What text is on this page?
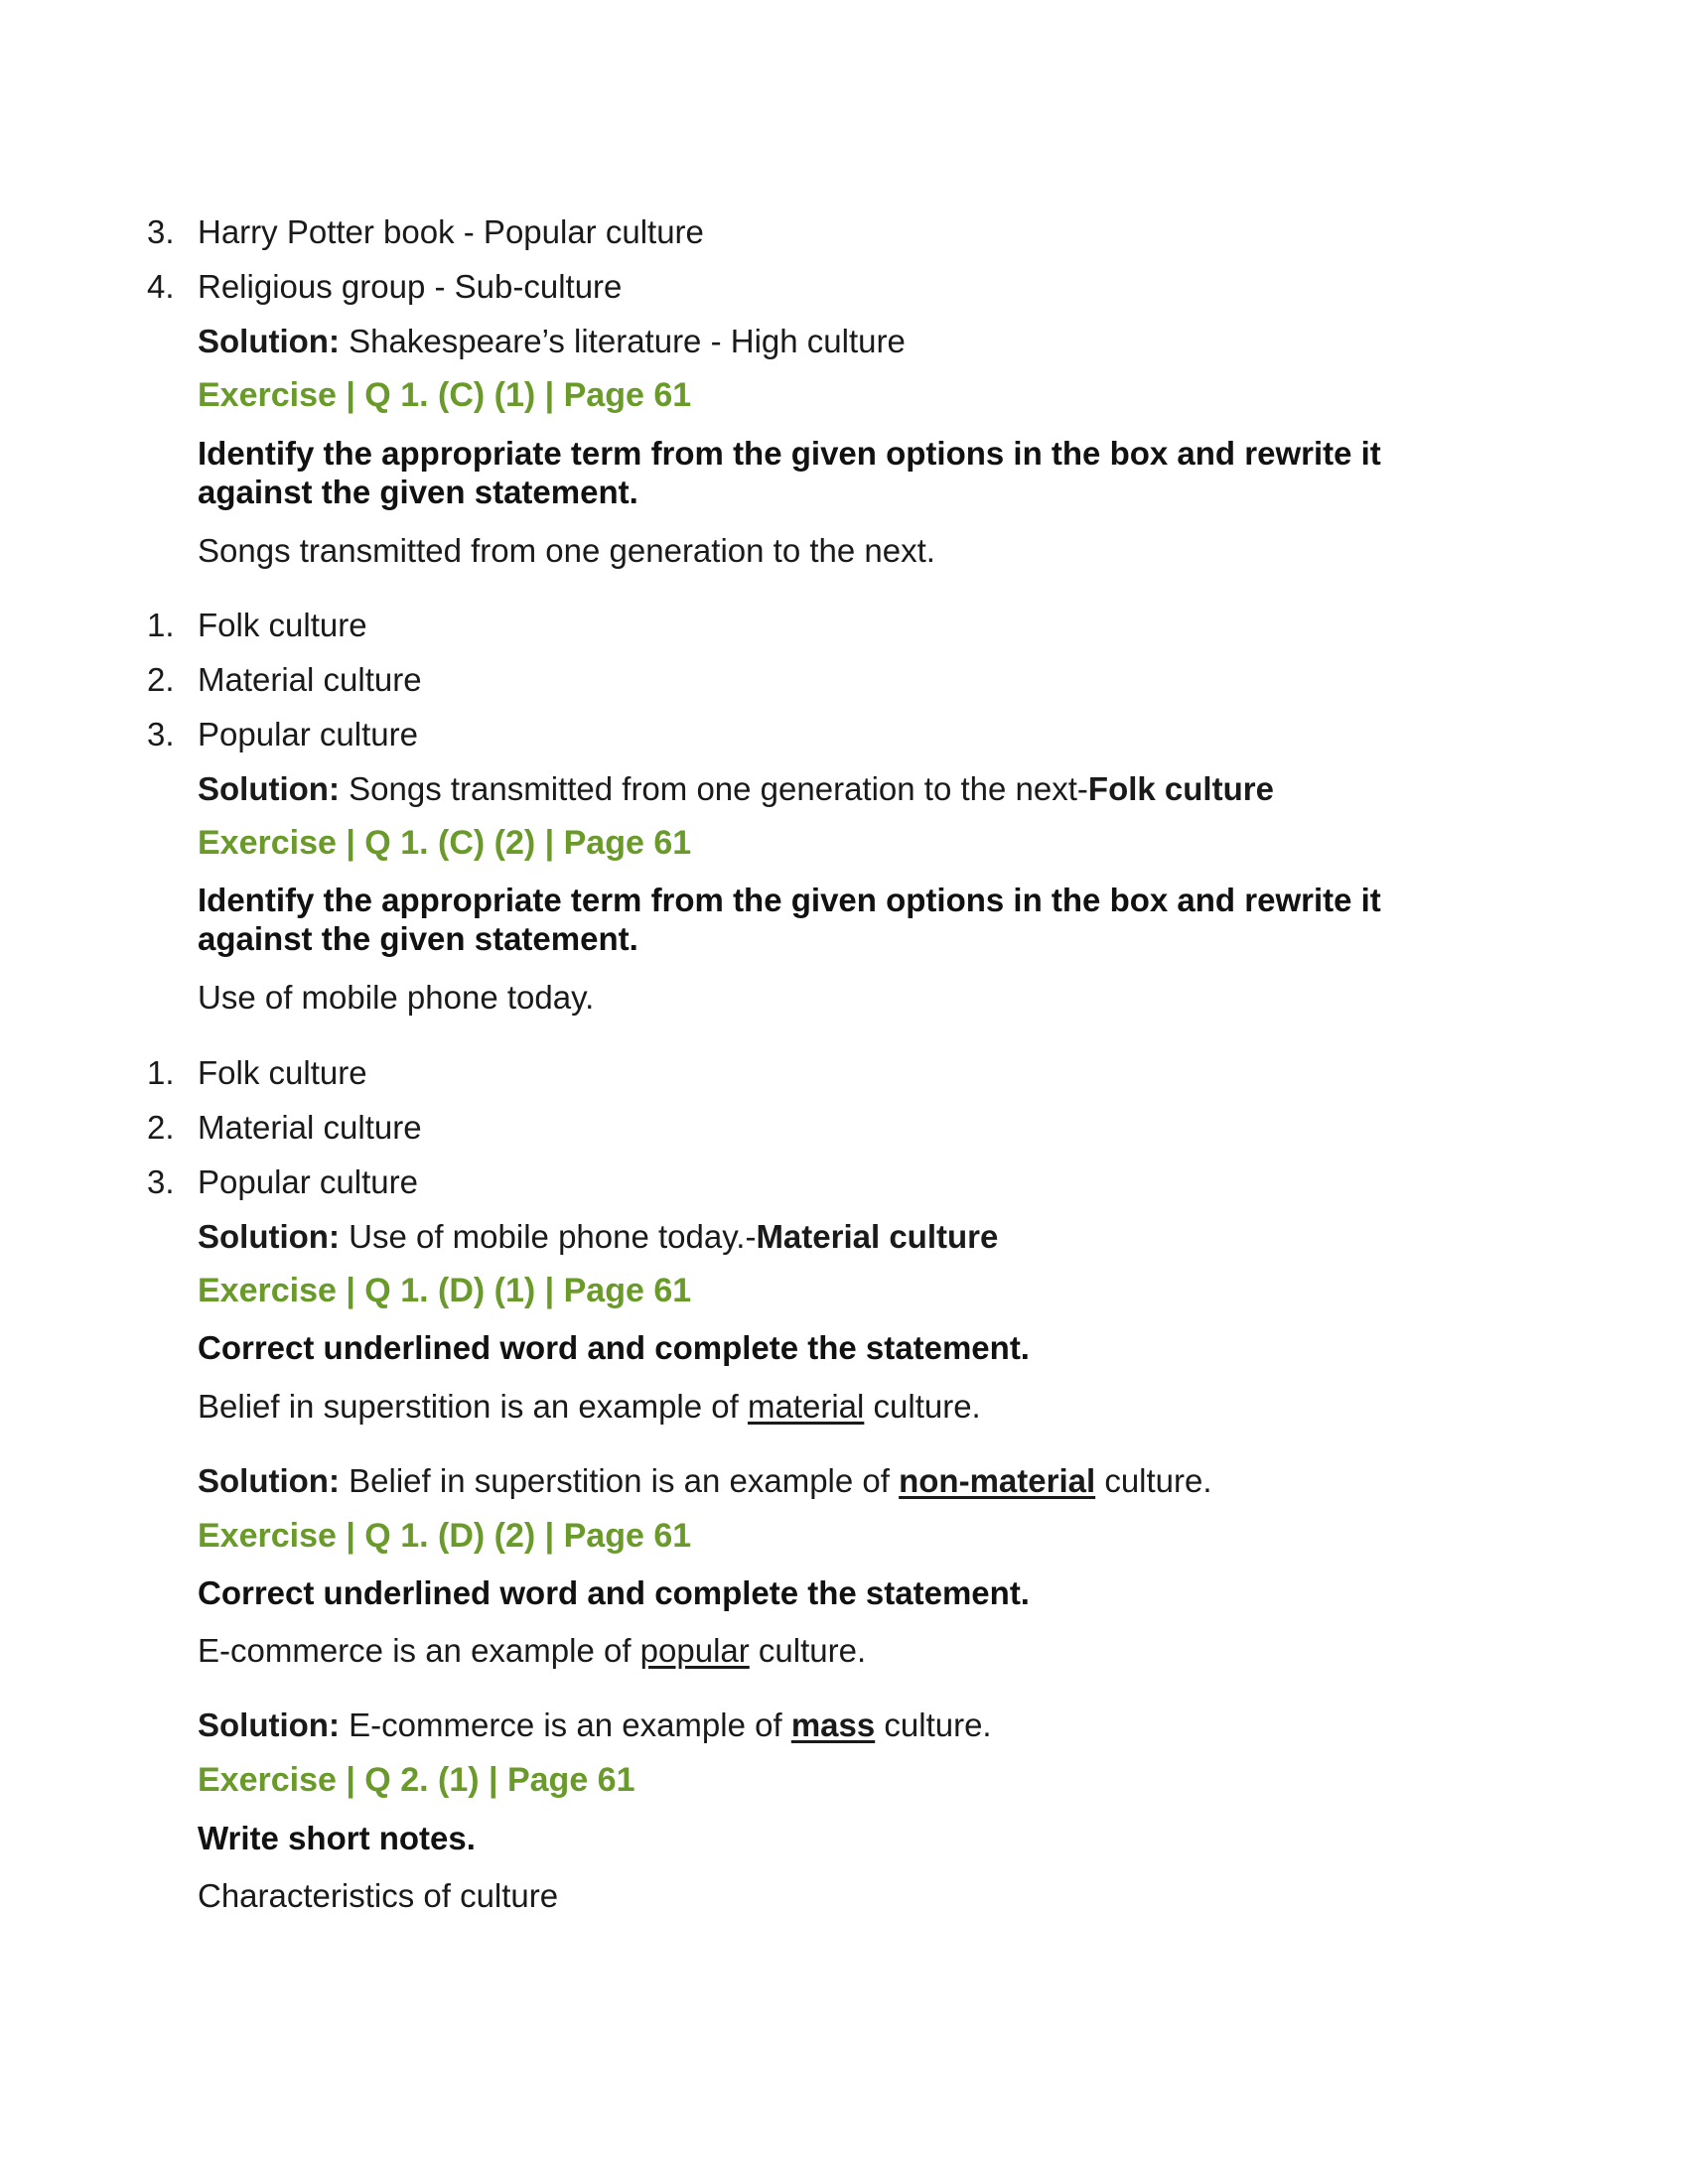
3. Harry Potter book - Popular culture
4. Religious group - Sub-culture
Solution: Shakespeare’s literature - High culture
Exercise | Q 1. (C) (1) | Page 61
Identify the appropriate term from the given options in the box and rewrite it
against the given statement.
Songs transmitted from one generation to the next.
1. Folk culture
2. Material culture
3. Popular culture
Solution: Songs transmitted from one generation to the next-Folk culture
Exercise | Q 1. (C) (2) | Page 61
Identify the appropriate term from the given options in the box and rewrite it
against the given statement.
Use of mobile phone today.
1. Folk culture
2. Material culture
3. Popular culture
Solution: Use of mobile phone today.-Material culture
Exercise | Q 1. (D) (1) | Page 61
Correct underlined word and complete the statement.
Belief in superstition is an example of material culture.
Solution: Belief in superstition is an example of non-material culture.
Exercise | Q 1. (D) (2) | Page 61
Correct underlined word and complete the statement.
E-commerce is an example of popular culture.
Solution: E-commerce is an example of mass culture.
Exercise | Q 2. (1) | Page 61
Write short notes.
Characteristics of culture
